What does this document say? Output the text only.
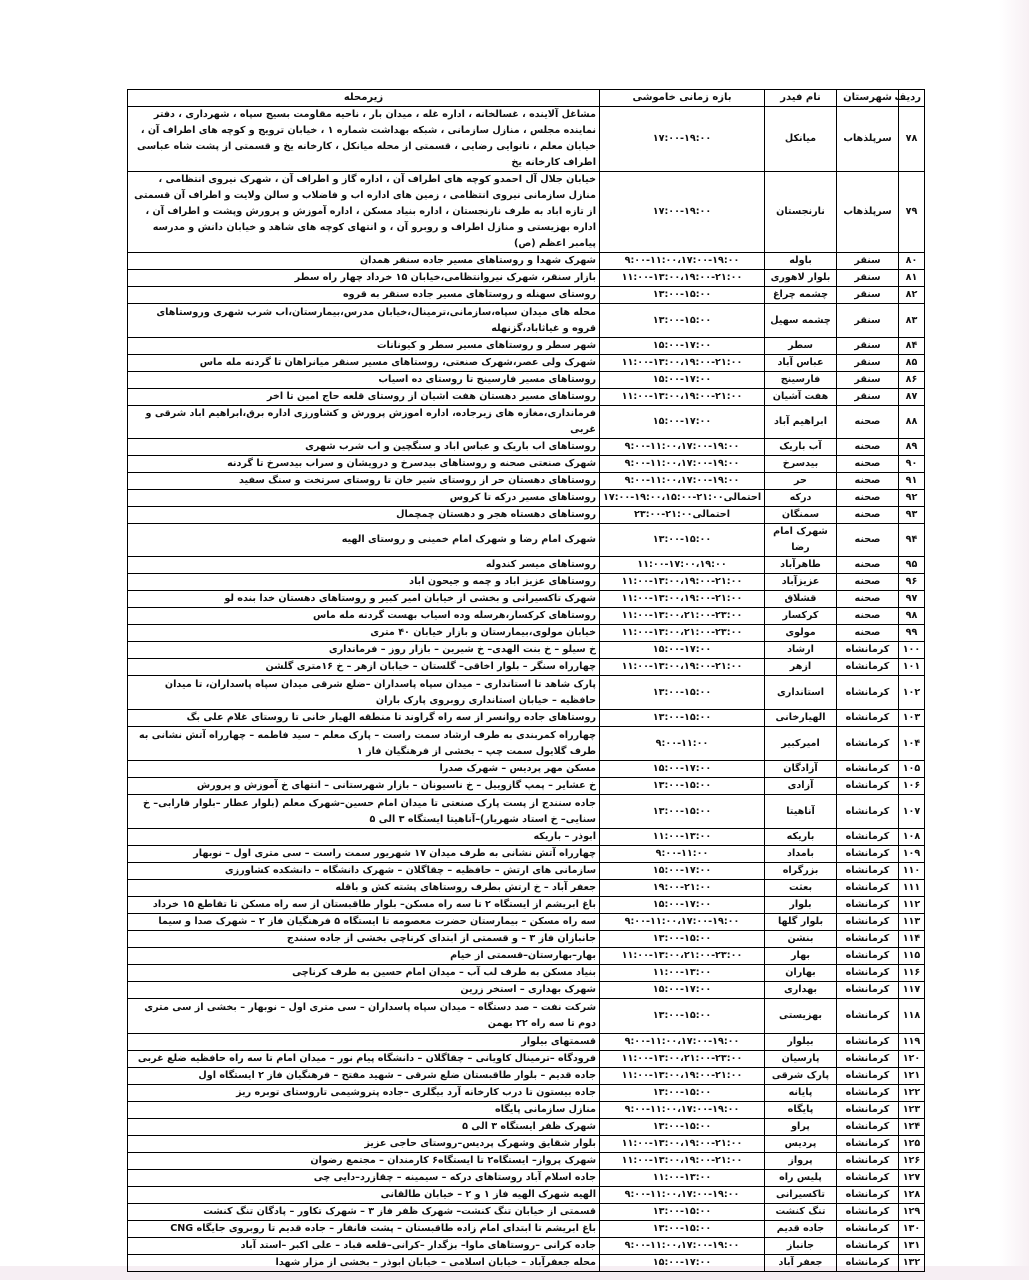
ردیف	شهرستان	نام فیدر	بازه زمانی خاموشی	زیرمحله
۷۸	سرپلذهاب	میانکل	۱۷:۰۰-۱۹:۰۰	مشاغل آلاینده ، غسالخانه ، اداره غله ، میدان بار ، ناحیه مقاومت بسیج سپاه ، شهرداری ، دفتر نماینده مجلس ، منازل سازمانی ، شبکه بهداشت شماره ۱ ، خیابان ترویج و کوچه های اطراف آن ، خیابان معلم ، نانوایی رضایی ، قسمتی از محله میانکل ، کارخانه یخ و قسمتی از پشت شاه عباسی اطراف کارخانه یخ
۷۹	سرپلذهاب	نارنجستان	۱۷:۰۰-۱۹:۰۰	خیابان جلال آل احمدو کوچه های اطراف آن ، اداره گاز و اطراف آن ، شهرک نیروی انتظامی ، منازل سازمانی نیروی انتظامی ، زمین های اداره اب و فاضلاب و سالن ولایت و اطراف آن قسمتی از تازه اباد به طرف نارنجستان ، اداره بنیاد مسکن ، اداره آموزش و پرورش وپشت و اطراف آن ، اداره بهزیستی و منازل اطراف و روبرو آن ، و انتهای کوچه های شاهد و خیابان دانش و مدرسه پیامبر اعظم (ص)
۸۰	سنقر	باوله	۹:۰۰-۱۱:۰۰،۱۷:۰۰-۱۹:۰۰	شهرک شهدا و روستاهای مسیر جاده سنقر همدان
۸۱	سنقر	بلوار لاهوری	۱۱:۰۰-۱۳:۰۰،۱۹:۰۰-۲۱:۰۰	بازار سنقر، شهرک نیروانتظامی،خیابان ۱۵ خرداد چهار راه سطر
۸۲	سنقر	چشمه چراغ	۱۳:۰۰-۱۵:۰۰	روستای سهنله و روستاهای مسیر جاده سنقر به قروه
۸۳	سنقر	چشمه سهیل	۱۳:۰۰-۱۵:۰۰	محله های میدان سپاه،سازمانی،ترمینال،خیابان مدرس،بیمارستان،اب شرب شهری وروستاهای قروه و غیاثاباد،گزنهله
۸۴	سنقر	سطر	۱۵:۰۰-۱۷:۰۰	شهر سطر و روستاهای مسیر سطر و کیونانات
۸۵	سنقر	عباس آباد	۱۱:۰۰-۱۳:۰۰،۱۹:۰۰-۲۱:۰۰	شهرک ولی عصر،شهرک صنعتی، روستاهای مسیر سنقر میانراهان تا گردنه مله ماس
۸۶	سنقر	فارسینج	۱۵:۰۰-۱۷:۰۰	روستاهای مسیر فارسینج تا روستای ده اسیاب
۸۷	سنقر	هفت آشیان	۱۱:۰۰-۱۳:۰۰،۱۹:۰۰-۲۱:۰۰	روستاهای مسیر دهستان هفت اشیان از روستای قلعه حاج امین تا اخر
۸۸	صحنه	ابراهیم آباد	۱۵:۰۰-۱۷:۰۰	فرمانداری،مغازه های زیرجاده، اداره اموزش پرورش و کشاورزی اداره برق،ابراهیم اباد شرقی و غربی
۸۹	صحنه	آب باریک	۹:۰۰-۱۱:۰۰،۱۷:۰۰-۱۹:۰۰	روستاهای اب باریک و عباس اباد و سنگچین و اب شرب شهری
۹۰	صحنه	بیدسرخ	۹:۰۰-۱۱:۰۰،۱۷:۰۰-۱۹:۰۰	شهرک صنعتی صحنه و روستاهای بیدسرخ و درویشان و سراب بیدسرخ تا گردنه
۹۱	صحنه	حر	۹:۰۰-۱۱:۰۰،۱۷:۰۰-۱۹:۰۰	روستاهای دهستان حر از روستای شیر خان تا روستای سرتخت و سنگ سفید
۹۲	صحنه	درکه	احتمالی۲۱:۰۰-۱۹:۰۰،۱۵:۰۰-۱۷:۰۰	روستاهای مسیر درکه تا کروس
۹۳	صحنه	سمنگان	احتمالی۲۱:۰۰-۲۳:۰۰	روستاهای دهستاه هجر و دهستان چمچمال
۹۴	صحنه	شهرک امام رضا	۱۳:۰۰-۱۵:۰۰	شهرک امام رضا و شهرک امام خمینی و روستای الهیه
۹۵	صحنه	طاهرآباد	۱۱:۰۰-۱۷:۰۰،۱۹:۰۰	روستاهای میسر کندوله
۹۶	صحنه	عزیزآباد	۱۱:۰۰-۱۳:۰۰،۱۹:۰۰-۲۱:۰۰	روستاهای عزیز اباد و چمه و جیحون اباد
۹۷	صحنه	قشلاق	۱۱:۰۰-۱۳:۰۰،۱۹:۰۰-۲۱:۰۰	شهرک تاکسیرانی و بخشی از خیابان امیر کبیر و روستاهای دهستان خدا بنده لو
۹۸	صحنه	کرکسار	۱۱:۰۰-۱۳:۰۰،۲۱:۰۰-۲۳:۰۰	روستاهای کرکسار،هرسله وده اسیاب بهست گردنه مله ماس
۹۹	صحنه	مولوی	۱۱:۰۰-۱۳:۰۰،۲۱:۰۰-۲۳:۰۰	خیابان مولوی،بیمارستان و بازار خیابان ۴۰ متری
۱۰۰	کرمانشاه	ارشاد	۱۵:۰۰-۱۷:۰۰	خ سیلو – خ بنت الهدی– خ شیرین – بازار روز – فرمانداری
۱۰۱	کرمانشاه	ازهر	۱۱:۰۰-۱۳:۰۰،۱۹:۰۰-۲۱:۰۰	چهارراه سنگر – بلوار اخاقی– گلستان – خیابان ازهر – خ ۱۶متری گلشن
۱۰۲	کرمانشاه	استانداری	۱۳:۰۰-۱۵:۰۰	پارک شاهد تا استانداری – میدان سپاه پاسداران –ضلع شرقی میدان سپاه پاسداران، تا میدان حافظیه – خیابان استانداری روبروی پارک باران
۱۰۳	کرمانشاه	الهیارخانی	۱۳:۰۰-۱۵:۰۰	روستاهای جاده روانسر از سه راه گراوند تا منطقه الهیار خانی تا روستای غلام علی بگ
۱۰۴	کرمانشاه	امیرکبیر	۹:۰۰-۱۱:۰۰	چهارراه کمربندی به طرف ارشاد سمت راست – پارک معلم – سید فاطمه – چهارراه آتش نشانی به طرف گلایول سمت چپ – بخشی از فرهنگیان فاز ۱
۱۰۵	کرمانشاه	آزادگان	۱۵:۰۰-۱۷:۰۰	مسکن مهر پردیس – شهرک صدرا
۱۰۶	کرمانشاه	آزادی	۱۳:۰۰-۱۵:۰۰	خ عشایر – پمپ گازوییل – خ ناسیونان – بازار شهرستانی – انتهای خ آموزش و پرورش
۱۰۷	کرمانشاه	آناهیتا	۱۳:۰۰-۱۵:۰۰	جاده سنندج از پست پارک صنعتی تا میدان امام حسین–شهرک معلم (بلوار عطار –بلوار فارابی– خ سنایی– خ استاد شهریار)–آناهیتا ایستگاه ۳ الی ۵
۱۰۸	کرمانشاه	باریکه	۱۱:۰۰-۱۳:۰۰	ابوذر – باریکه
۱۰۹	کرمانشاه	بامداد	۹:۰۰-۱۱:۰۰	چهارراه آتش نشانی به طرف میدان ۱۷ شهریور سمت راست – سی متری اول – نوبهار
۱۱۰	کرمانشاه	بزرگراه	۱۵:۰۰-۱۷:۰۰	سازمانی های ارتش – حافظیه – چقاگلان – شهرک دانشگاه – دانشکده کشاورزی
۱۱۱	کرمانشاه	بعثت	۱۹:۰۰-۲۱:۰۰	جعفر آباد – خ ارتش بطرف روستاهای پشته کش و باقله
۱۱۲	کرمانشاه	بلوار	۱۵:۰۰-۱۷:۰۰	باغ ابریشم از ایستگاه ۲ تا سه راه مسکن– بلوار طاقبستان از سه راه مسکن تا تقاطع ۱۵ خرداد
۱۱۳	کرمانشاه	بلوار گلها	۹:۰۰-۱۱:۰۰،۱۷:۰۰-۱۹:۰۰	سه راه مسکن – بیمارستان حضرت معصومه تا ایستگاه ۵ فرهنگیان فاز ۲ – شهرک صدا و سیما
۱۱۴	کرمانشاه	بنشن	۱۳:۰۰-۱۵:۰۰	جانبازان فاز ۳ – و قسمتی از ابتدای کرناچی بخشی از جاده سنندج
۱۱۵	کرمانشاه	بهار	۱۱:۰۰-۱۳:۰۰،۲۱:۰۰-۲۳:۰۰	بهار–بهارستان–قسمتی از خیام
۱۱۶	کرمانشاه	بهاران	۱۱:۰۰-۱۳:۰۰	بنیاد مسکن به طرف لب آب – میدان امام حسین به طرف کرناچی
۱۱۷	کرمانشاه	بهداری	۱۵:۰۰-۱۷:۰۰	شهرک بهداری – استخر زرین
۱۱۸	کرمانشاه	بهزیستی	۱۳:۰۰-۱۵:۰۰	شرکت نفت – صد دستگاه – میدان سپاه پاسداران – سی متری اول – نوبهار – بخشی از سی متری دوم تا سه راه ۲۲ بهمن
۱۱۹	کرمانشاه	بیلوار	۹:۰۰-۱۱:۰۰،۱۷:۰۰-۱۹:۰۰	قسمتهای بیلوار
۱۲۰	کرمانشاه	پارسیان	۱۱:۰۰-۱۳:۰۰،۲۱:۰۰-۲۳:۰۰	فرودگاه –ترمینال کاویانی – چقاگلان – دانشگاه پیام نور – میدان امام تا سه راه حافظیه ضلع غربی
۱۲۱	کرمانشاه	پارک شرقی	۱۱:۰۰-۱۳:۰۰،۱۹:۰۰-۲۱:۰۰	جاده قدیم – بلوار طاقبستان ضلع شرقی – شهید مفتح – فرهنگیان فاز ۲ ایستگاه اول
۱۲۲	کرمانشاه	پایانه	۱۳:۰۰-۱۵:۰۰	جاده بیستون تا درب کارخانه آرد بیگلری –جاده پتروشیمی تاروستای توبره ریز
۱۲۳	کرمانشاه	پایگاه	۹:۰۰-۱۱:۰۰،۱۷:۰۰-۱۹:۰۰	منازل سازمانی پایگاه
۱۲۴	کرمانشاه	پراو	۱۳:۰۰-۱۵:۰۰	شهرک ظفر ایستگاه ۳ الی ۵
۱۲۵	کرمانشاه	پردیس	۱۱:۰۰-۱۳:۰۰،۱۹:۰۰-۲۱:۰۰	بلوار شقایق وشهرک پردیس–روستای حاجی عزیز
۱۲۶	کرمانشاه	پرواز	۱۱:۰۰-۱۳:۰۰،۱۹:۰۰-۲۱:۰۰	شهرک پرواز– ایستگاه۲ تا ایستگاه۶ کارمندان – مجتمع رضوان
۱۲۷	کرمانشاه	پلیس راه	۱۱:۰۰-۱۳:۰۰	جاده اسلام آباد روستاهای درکه – سیمینه – چقازرد–دایی چی
۱۲۸	کرمانشاه	تاکسیرانی	۹:۰۰-۱۱:۰۰،۱۷:۰۰-۱۹:۰۰	الهیه شهرک الهیه فاز ۱ و ۲ – خیابان طالقانی
۱۲۹	کرمانشاه	تنگ کنشت	۱۳:۰۰-۱۵:۰۰	قسمتی از خیابان تنگ کنشت– شهرک ظفر فاز ۳ – شهرک تکاور – پادگان تنگ کنشت
۱۳۰	کرمانشاه	جاده قدیم	۱۳:۰۰-۱۵:۰۰	باغ ابریشم تا ابتدای امام زاده طاقبستان – پشت فانفار – جاده قدیم تا روبروی جایگاه CNG
۱۳۱	کرمانشاه	جانباز	۹:۰۰-۱۱:۰۰،۱۷:۰۰-۱۹:۰۰	جاده کرانی –روستاهای ماوا– بزگدار –کرانی–قلعه قباد – علی اکبر –استد آباد
۱۳۲	کرمانشاه	جعفر آباد	۱۵:۰۰-۱۷:۰۰	محله جعفرآباد – خیابان اسلامی – خیابان ابوذر – بخشی از مزار شهدا
